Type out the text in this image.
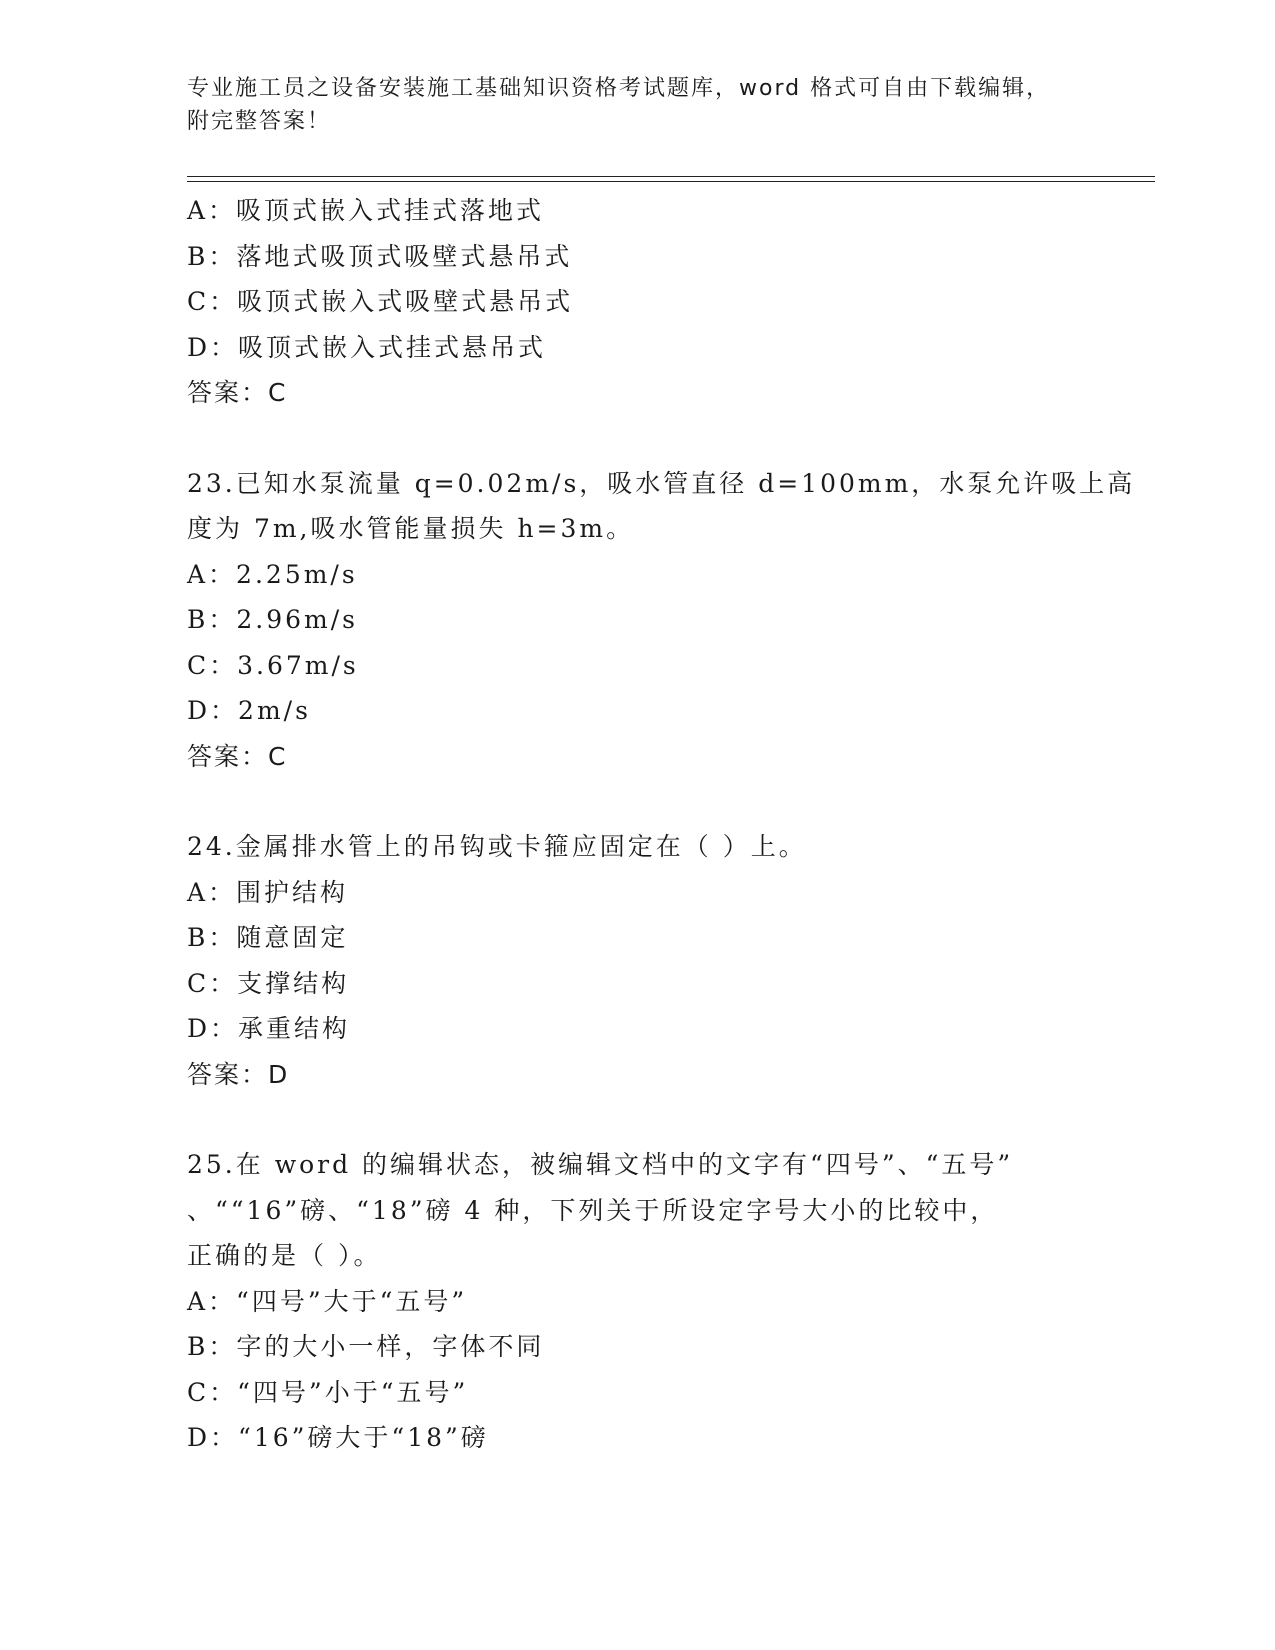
专业施工员之设备安装施工基础知识资格考试题库，word 格式可自由下载编辑，
附完整答案！
A：吸顶式嵌入式挂式落地式
B：落地式吸顶式吸壁式悬吊式
C：吸顶式嵌入式吸壁式悬吊式
D：吸顶式嵌入式挂式悬吊式
答案：C
23.已知水泵流量 q=0.02m/s，吸水管直径 d=100mm，水泵允许吸上高
度为 7m,吸水管能量损失 h=3m。
A：2.25m/s
B：2.96m/s
C：3.67m/s
D：2m/s
答案：C
24.金属排水管上的吊钩或卡箍应固定在（ ）上。
A：围护结构
B：随意固定
C：支撑结构
D：承重结构
答案：D
25.在 word 的编辑状态，被编辑文档中的文字有“四号”、“五号”
、““16”磅、“18”磅 4 种，下列关于所设定字号大小的比较中，
正确的是（ ）。
A：“四号”大于“五号”
B：字的大小一样，字体不同
C：“四号”小于“五号”
D：“16”磅大于“18”磅
